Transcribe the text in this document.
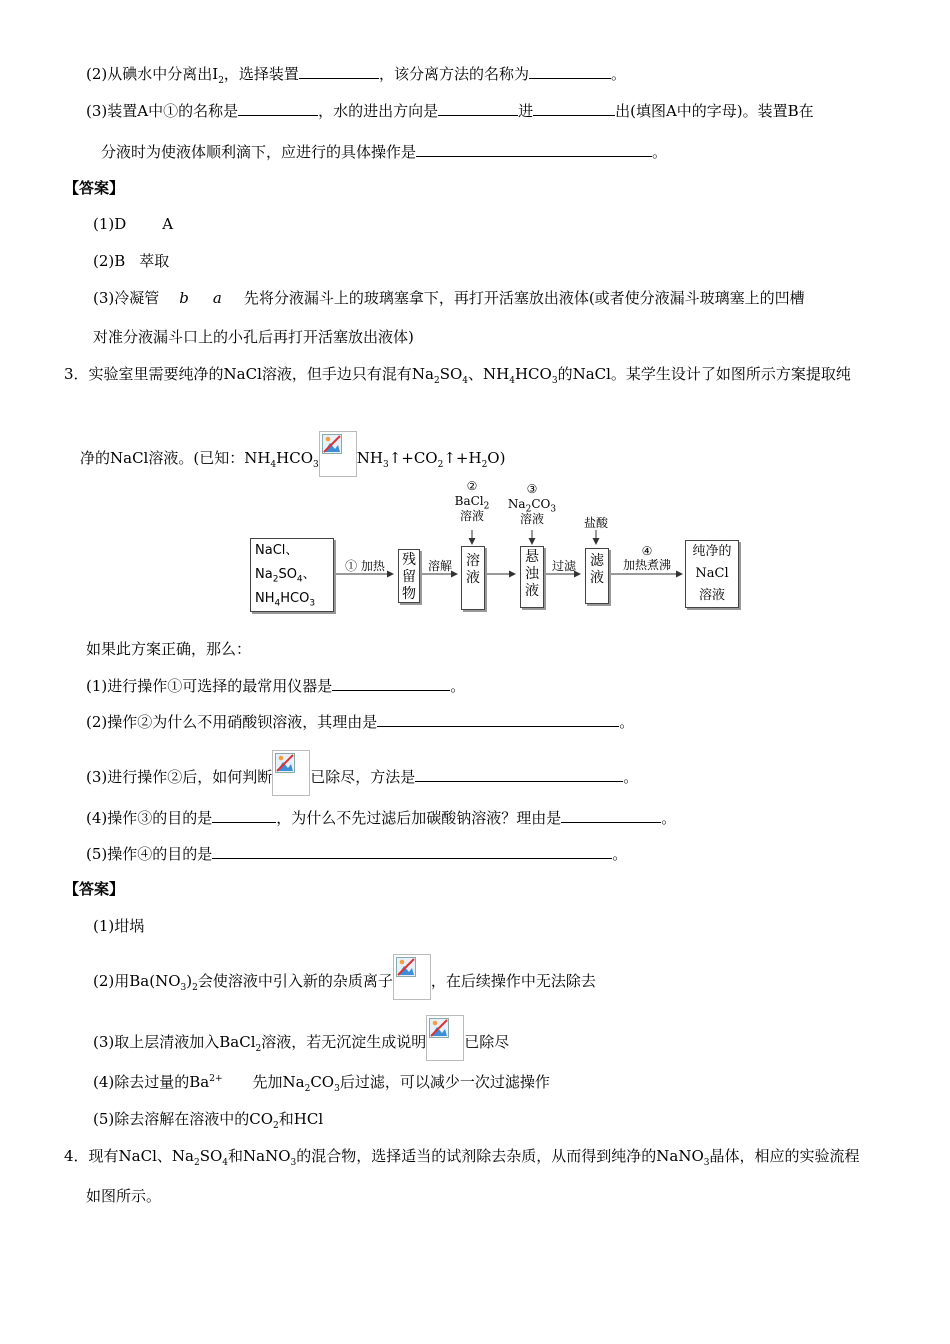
(2)从碘水中分离出$I_2$，选择装置	，该分离方法的名称为	。
(3)装置A中①的名称是	，水的进出方向是	进	出(填图A中的字母)。装置B在
分液时为使液体顺利滴下，应进行的具体操作是	。
【答案】
(1)D A
(2)B 萃取
(3)冷凝管 b a 先将分液漏斗上的玻璃塞拿下，再打开活塞放出液体(或者使分液漏斗玻璃塞上的凹槽
对准分液漏斗口上的小孔后再打开活塞放出液体)
3．实验室里需要纯净的NaCl溶液，但手边只有混有$Na_2SO_4$、$NH_4HCO_3$的NaCl。某学生设计了如图所示方案提取纯
净的NaCl溶液。(已知：$NH_4HCO_3$	$NH_3↑+CO_2↑+H_2O$)
NaCl、
$Na_2SO_4$、
$NH_4HCO_3$
① 加热	残留物
溶解
②
BaCl$_2$
溶液
溶液
③
$Na_2CO_3$
溶液
悬浊液
过滤
盐酸
滤液
④
加热煮沸
纯净的
NaCl
溶液
如果此方案正确，那么：
(1)进行操作①可选择的最常用仪器是	。
(2)操作②为什么不用硝酸钡溶液，其理由是	。
(3)进行操作②后，如何判断	已除尽，方法是	。
(4)操作③的目的是	，为什么不先过滤后加碳酸钠溶液？理由是	。
(5)操作④的目的是	。
【答案】
(1)坩埚
(2)用$Ba(NO_3)_2$会使溶液中引入新的杂质离子	，在后续操作中无法除去
(3)取上层清液加入BaCl$_2$溶液，若无沉淀生成说明	已除尽
(4)除去过量的$Ba^{2+}$ 先加$Na_2CO_3$后过滤，可以减少一次过滤操作
(5)除去溶解在溶液中的$CO_2$和HCl
4．现有NaCl、$Na_2SO_4$和NaNO$_3$的混合物，选择适当的试剂除去杂质，从而得到纯净的NaNO$_3$晶体，相应的实验流程
如图所示。
